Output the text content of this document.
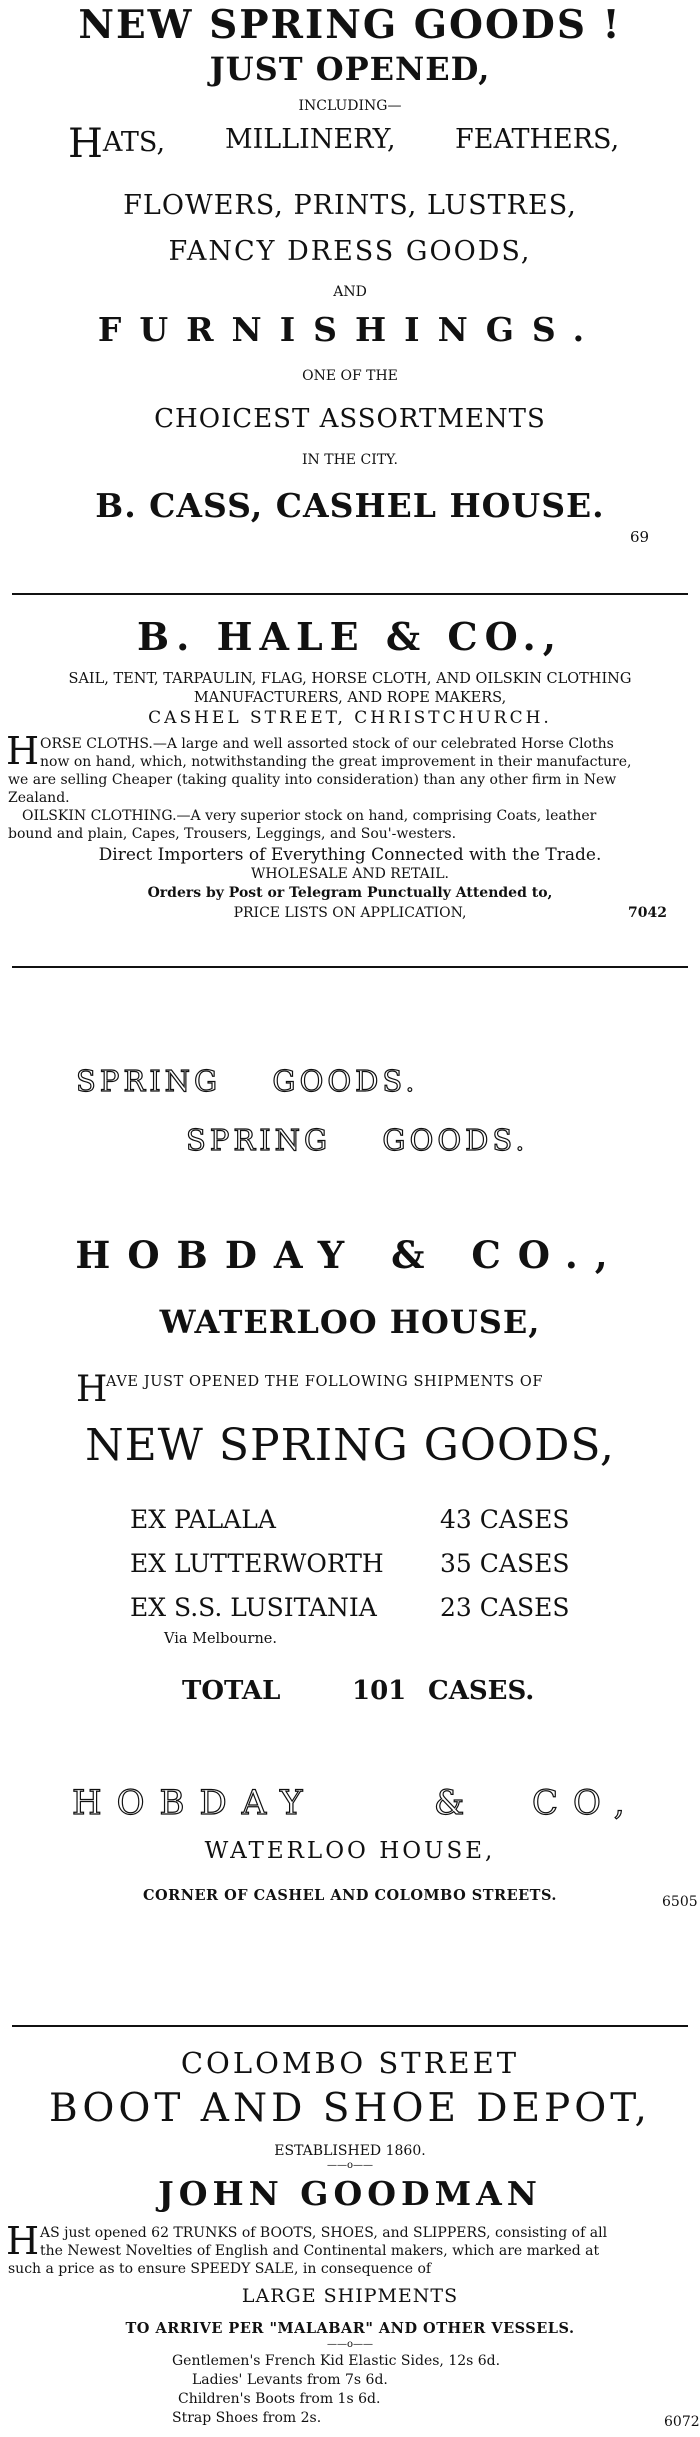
NEW SPRING GOODS !
JUST OPENED,
INCLUDING—
HATS, MILLINERY, FEATHERS,
FLOWERS, PRINTS, LUSTRES,
FANCY DRESS GOODS,
AND
FURNISHINGS.
ONE OF THE
CHOICEST ASSORTMENTS
IN THE CITY.
B. CASS, CASHEL HOUSE.
69
B. HALE & CO.,
SAIL, TENT, TARPAULIN, FLAG, HORSE CLOTH, AND OILSKIN CLOTHING
MANUFACTURERS, AND ROPE MAKERS,
CASHEL STREET, CHRISTCHURCH.
H ORSE CLOTHS.—A large and well assorted stock of our celebrated Horse Cloths
now on hand, which, notwithstanding the great improvement in their manufacture,
we are selling Cheaper (taking quality into consideration) than any other firm in New
Zealand.
OILSKIN CLOTHING.—A very superior stock on hand, comprising Coats, leather
bound and plain, Capes, Trousers, Leggings, and Sou'-westers.
Direct Importers of Everything Connected with the Trade.
WHOLESALE AND RETAIL.
Orders by Post or Telegram Punctually Attended to,
PRICE LISTS ON APPLICATION,	7042
SPRING GOODS.
SPRING GOODS.
HOBDAY & CO.,
WATERLOO HOUSE,
H
AVE JUST OPENED THE FOLLOWING SHIPMENTS OF
NEW SPRING GOODS,
EX PALALA	43 CASES
EX LUTTERWORTH 35 CASES
EX S.S. LUSITANIA	23 CASES
Via Melbourne.
TOTAL	101 CASES.
HOBDAY	& CO,
WATERLOO HOUSE,
CORNER OF CASHEL AND COLOMBO STREETS.	6505
COLOMBO STREET
BOOT AND SHOE DEPOT,
ESTABLISHED 1860.
——o——
JOHN GOODMAN
H AS just opened 62 TRUNKS of BOOTS, SHOES, and SLIPPERS, consisting of all
the Newest Novelties of English and Continental makers, which are marked at
such a price as to ensure SPEEDY SALE, in consequence of
LARGE SHIPMENTS
TO ARRIVE PER "MALABAR" AND OTHER VESSELS.
——o——
Gentlemen's French Kid Elastic Sides, 12s 6d.
Ladies' Levants from 7s 6d.
Children's Boots from 1s 6d.
Strap Shoes from 2s.	6072
